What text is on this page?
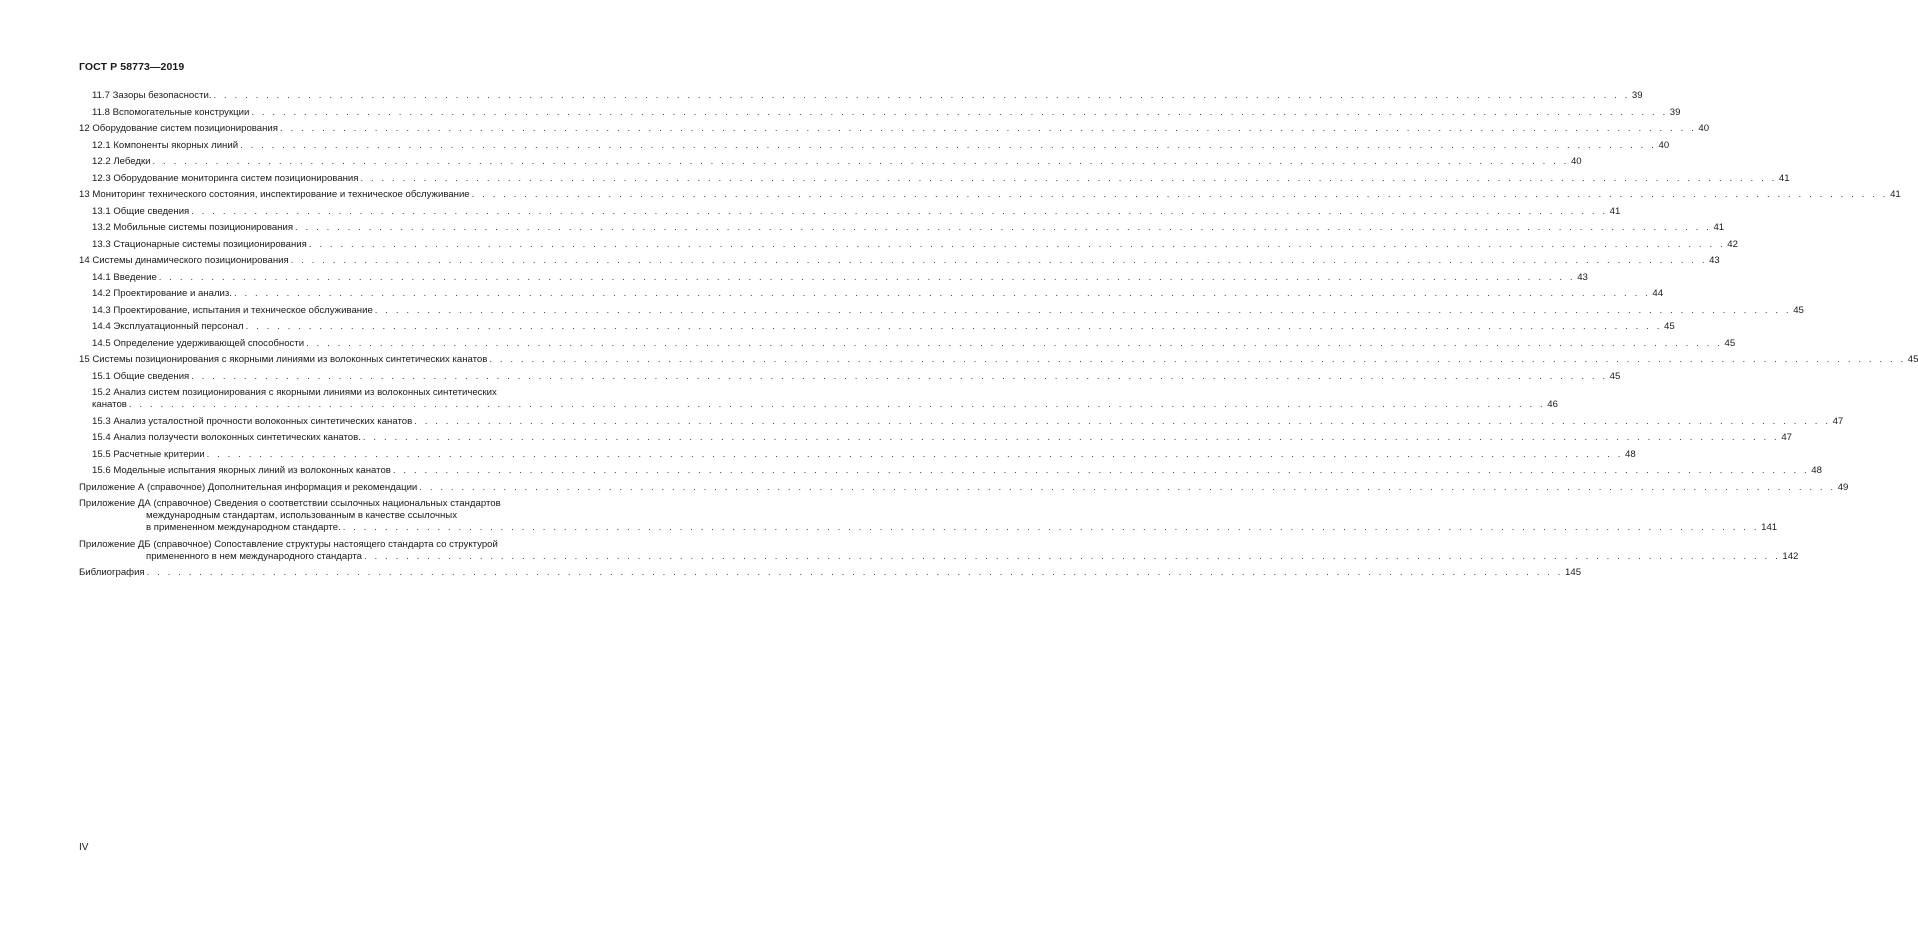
ГОСТ Р 58773—2019
11.7 Зазоры безопасности. . . .	39
11.8 Вспомогательные конструкции . . .	39
12 Оборудование систем позиционирования . . .	40
12.1 Компоненты якорных линий . . .	40
12.2 Лебедки . . .	40
12.3 Оборудование мониторинга систем позиционирования . . .	41
13 Мониторинг технического состояния, инспектирование и техническое обслуживание . . .	41
13.1 Общие сведения . . .	41
13.2 Мобильные системы позиционирования . . .	41
13.3 Стационарные системы позиционирования . . .	42
14 Системы динамического позиционирования . . .	43
14.1 Введение . . .	43
14.2 Проектирование и анализ. . . .	44
14.3 Проектирование, испытания и техническое обслуживание . . .	45
14.4 Эксплуатационный персонал . . .	45
14.5 Определение удерживающей способности . . .	45
15 Системы позиционирования с якорными линиями из волоконных синтетических канатов . . .	45
15.1 Общие сведения . . .	45
15.2 Анализ систем позиционирования с якорными линиями из волоконных синтетических
канатов . . .	46
15.3 Анализ усталостной прочности волоконных синтетических канатов . . .	47
15.4 Анализ ползучести волоконных синтетических канатов. . . .	47
15.5 Расчетные критерии . . .	48
15.6 Модельные испытания якорных линий из волоконных канатов . . .	48
Приложение А (справочное) Дополнительная информация и рекомендации . . .	49
Приложение ДА (справочное) Сведения о соответствии ссылочных национальных стандартов
международным стандартам, использованным в качестве ссылочных
в примененном международном стандарте. . . .	141
Приложение ДБ (справочное) Сопоставление структуры настоящего стандарта со структурой
примененного в нем международного стандарта . . .	142
Библиография . . .	145
IV
